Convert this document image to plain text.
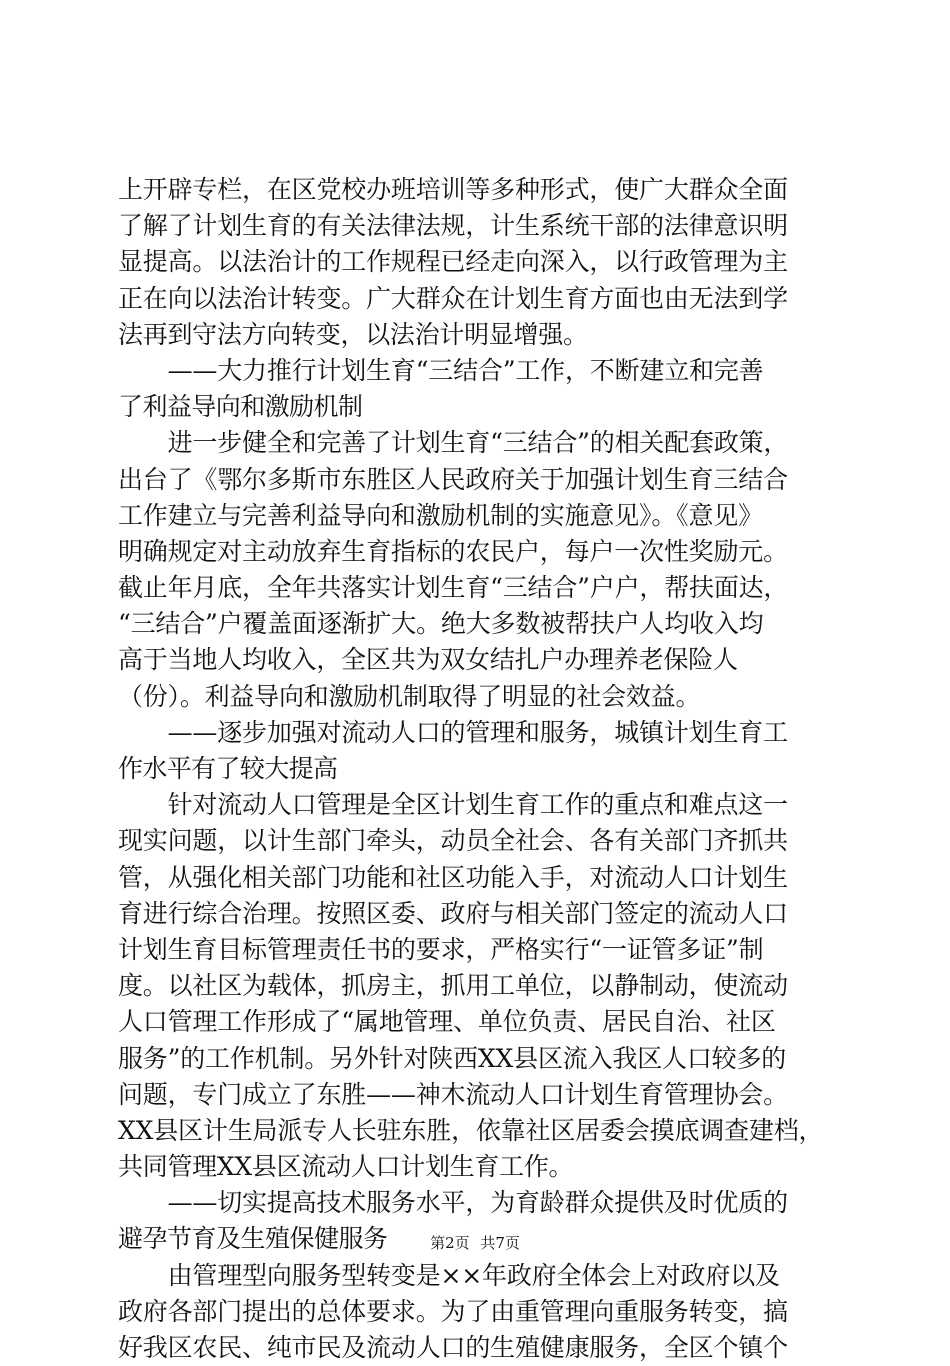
上开辟专栏，在区党校办班培训等多种形式，使广大群众全面
了解了计划生育的有关法律法规，计生系统干部的法律意识明
显提高。以法治计的工作规程已经走向深入，以行政管理为主
正在向以法治计转变。广大群众在计划生育方面也由无法到学
法再到守法方向转变，以法治计明显增强。
　　——大力推行计划生育“三结合”工作，不断建立和完善
了利益导向和激励机制
　　进一步健全和完善了计划生育“三结合”的相关配套政策，
出台了《鄂尔多斯市东胜区人民政府关于加强计划生育三结合
工作建立与完善利益导向和激励机制的实施意见》。《意见》
明确规定对主动放弃生育指标的农民户，每户一次性奖励元。
截止年月底，全年共落实计划生育“三结合”户户，帮扶面达，
“三结合”户覆盖面逐渐扩大。绝大多数被帮扶户人均收入均
高于当地人均收入，全区共为双女结扎户办理养老保险人
（份）。利益导向和激励机制取得了明显的社会效益。
　　——逐步加强对流动人口的管理和服务，城镇计划生育工
作水平有了较大提高
　　针对流动人口管理是全区计划生育工作的重点和难点这一
现实问题，以计生部门牵头，动员全社会、各有关部门齐抓共
管，从强化相关部门功能和社区功能入手，对流动人口计划生
育进行综合治理。按照区委、政府与相关部门签定的流动人口
计划生育目标管理责任书的要求，严格实行“一证管多证”制
度。以社区为载体，抓房主，抓用工单位，以静制动，使流动
人口管理工作形成了“属地管理、单位负责、居民自治、社区
服务”的工作机制。另外针对陕西XX县区流入我区人口较多的
问题，专门成立了东胜——神木流动人口计划生育管理协会。
XX县区计生局派专人长驻东胜，依靠社区居委会摸底调查建档，
共同管理XX县区流动人口计划生育工作。
　　——切实提高技术服务水平，为育龄群众提供及时优质的
避孕节育及生殖保健服务
　　由管理型向服务型转变是××年政府全体会上对政府以及
政府各部门提出的总体要求。为了由重管理向重服务转变，搞
好我区农民、纯市民及流动人口的生殖健康服务，全区个镇个
第2页 共7页
